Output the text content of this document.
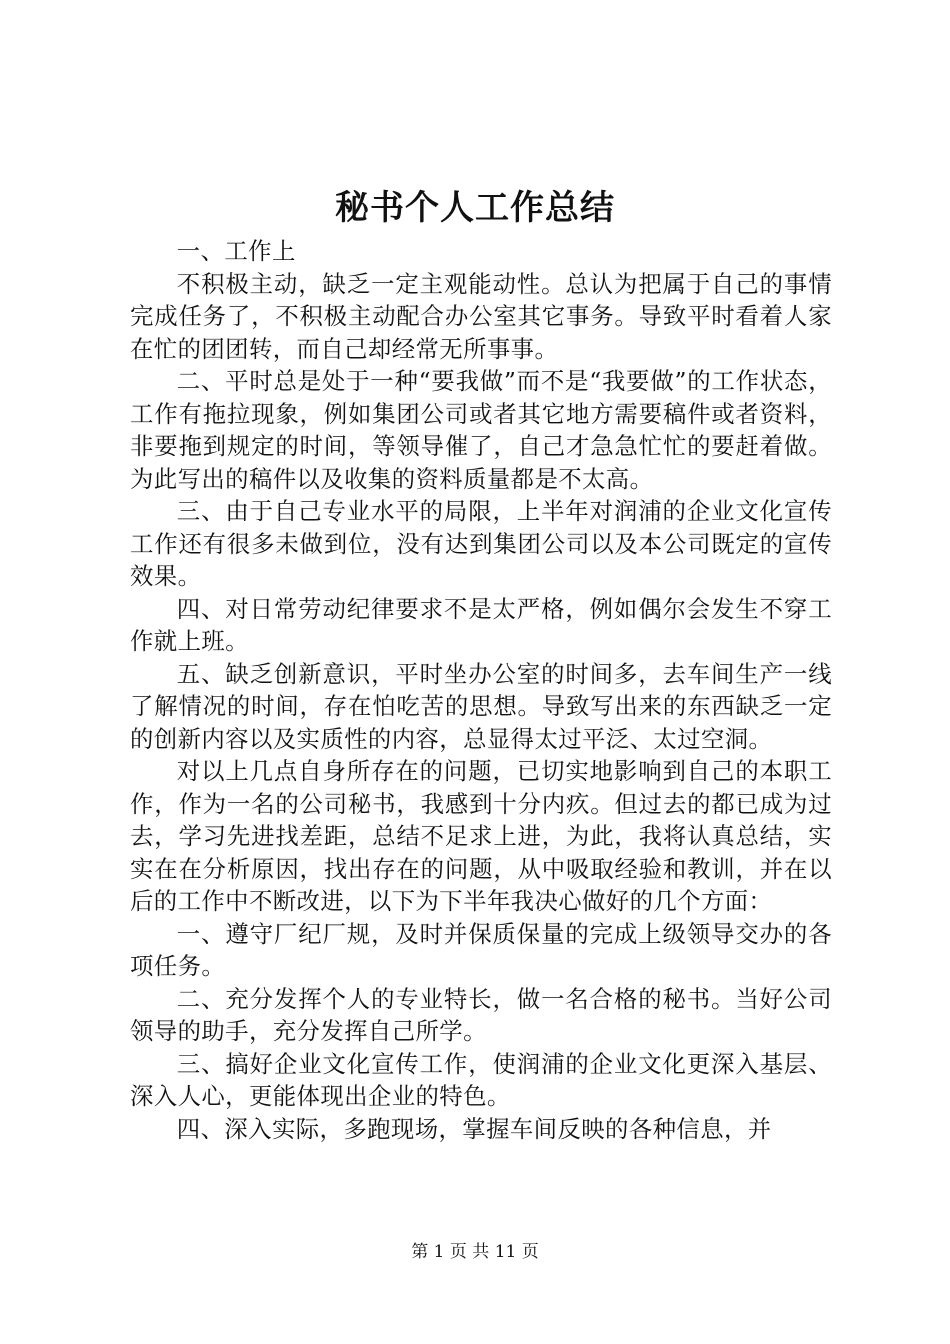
秘书个人工作总结

一、工作上

不积极主动，缺乏一定主观能动性。总认为把属于自己的事情完成任务了，不积极主动配合办公室其它事务。导致平时看着人家在忙的团团转，而自己却经常无所事事。

二、平时总是处于一种“要我做”而不是“我要做”的工作状态，工作有拖拉现象，例如集团公司或者其它地方需要稿件或者资料，非要拖到规定的时间，等领导催了，自己才急急忙忙的要赶着做。为此写出的稿件以及收集的资料质量都是不太高。

三、由于自己专业水平的局限，上半年对润浦的企业文化宣传工作还有很多未做到位，没有达到集团公司以及本公司既定的宣传效果。

四、对日常劳动纪律要求不是太严格，例如偶尔会发生不穿工作就上班。

五、缺乏创新意识，平时坐办公室的时间多，去车间生产一线了解情况的时间，存在怕吃苦的思想。导致写出来的东西缺乏一定的创新内容以及实质性的内容，总显得太过平泛、太过空洞。

对以上几点自身所存在的问题，已切实地影响到自己的本职工作，作为一名的公司秘书，我感到十分内疚。但过去的都已成为过去，学习先进找差距，总结不足求上进，为此，我将认真总结，实实在在分析原因，找出存在的问题，从中吸取经验和教训，并在以后的工作中不断改进，以下为下半年我决心做好的几个方面：

一、遵守厂纪厂规，及时并保质保量的完成上级领导交办的各项任务。

二、充分发挥个人的专业特长，做一名合格的秘书。当好公司领导的助手，充分发挥自己所学。

三、搞好企业文化宣传工作，使润浦的企业文化更深入基层、深入人心，更能体现出企业的特色。

四、深入实际，多跑现场，掌握车间反映的各种信息，并

第 1 页 共 11 页
